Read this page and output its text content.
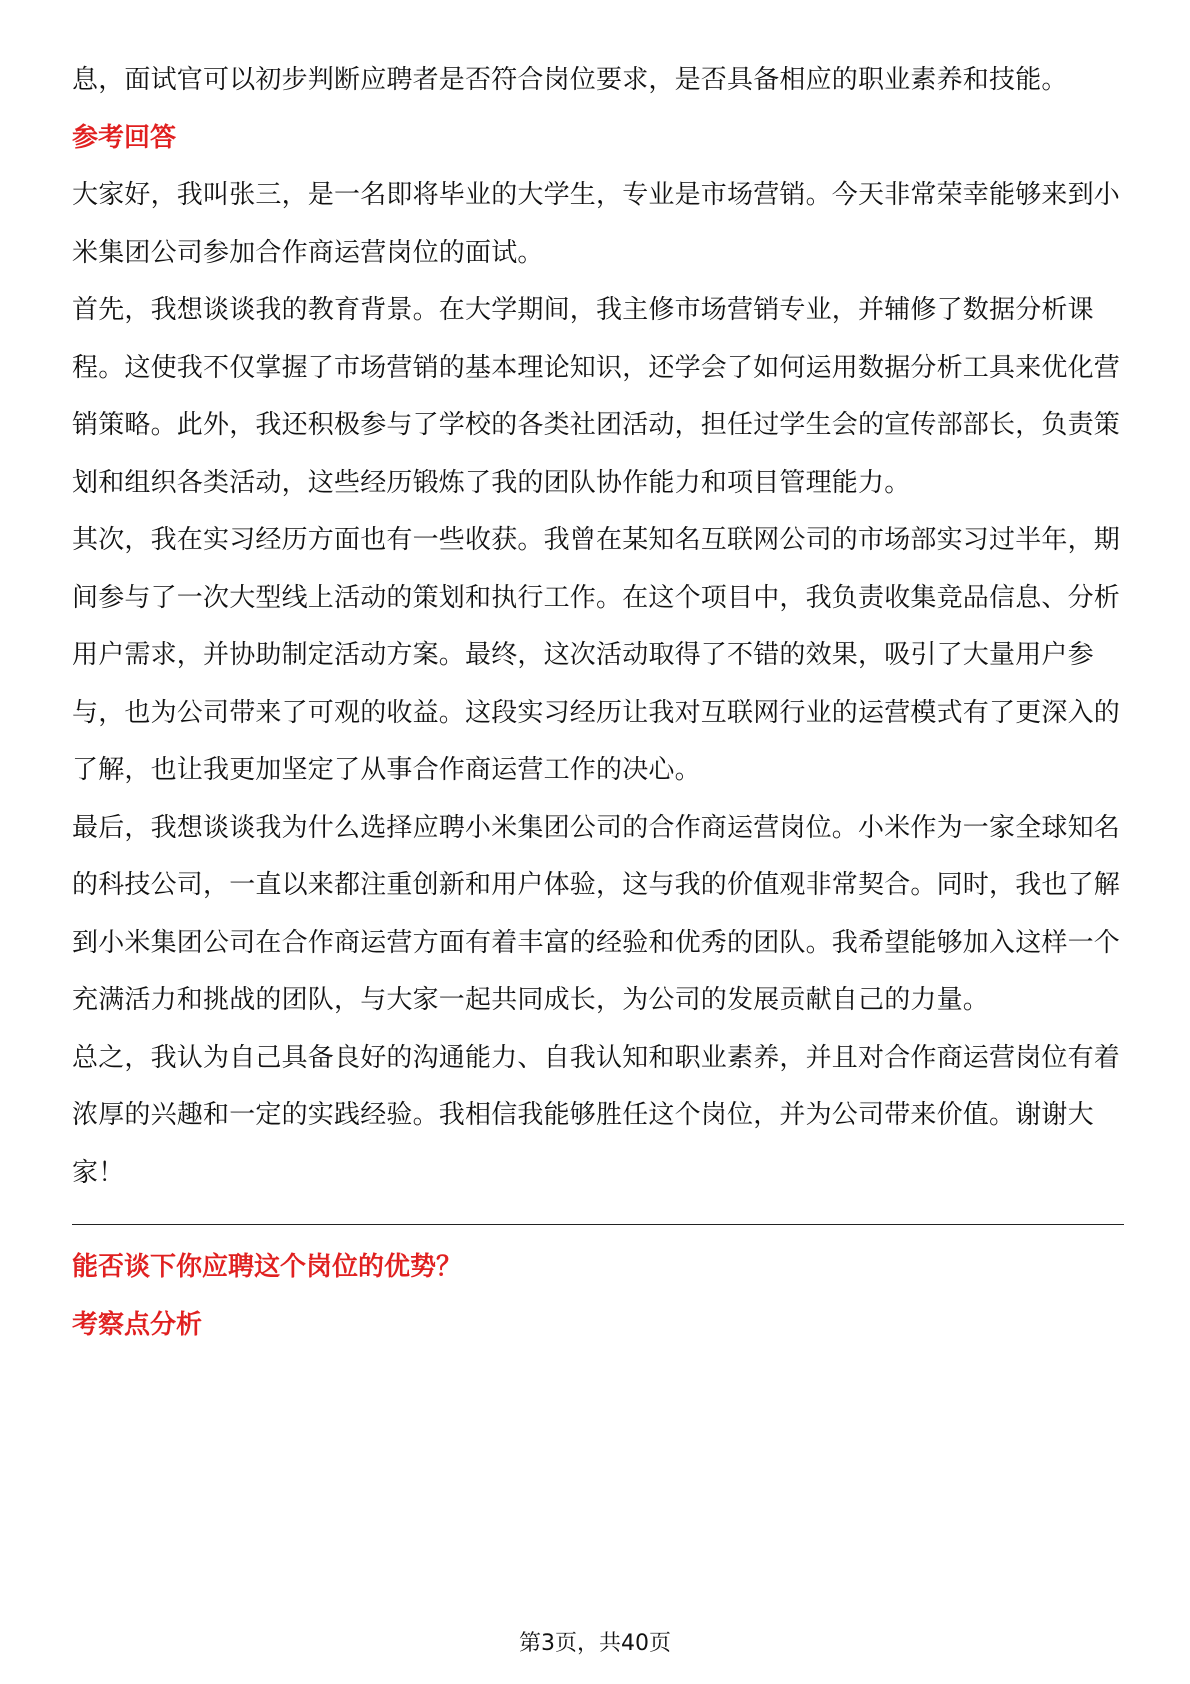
息，面试官可以初步判断应聘者是否符合岗位要求，是否具备相应的职业素养和技能。

参考回答

大家好，我叫张三，是一名即将毕业的大学生，专业是市场营销。今天非常荣幸能够来到小米集团公司参加合作商运营岗位的面试。

首先，我想谈谈我的教育背景。在大学期间，我主修市场营销专业，并辅修了数据分析课程。这使我不仅掌握了市场营销的基本理论知识，还学会了如何运用数据分析工具来优化营销策略。此外，我还积极参与了学校的各类社团活动，担任过学生会的宣传部部长，负责策划和组织各类活动，这些经历锻炼了我的团队协作能力和项目管理能力。

其次，我在实习经历方面也有一些收获。我曾在某知名互联网公司的市场部实习过半年，期间参与了一次大型线上活动的策划和执行工作。在这个项目中，我负责收集竞品信息、分析用户需求，并协助制定活动方案。最终，这次活动取得了不错的效果，吸引了大量用户参与，也为公司带来了可观的收益。这段实习经历让我对互联网行业的运营模式有了更深入的了解，也让我更加坚定了从事合作商运营工作的决心。

最后，我想谈谈我为什么选择应聘小米集团公司的合作商运营岗位。小米作为一家全球知名的科技公司，一直以来都注重创新和用户体验，这与我的价值观非常契合。同时，我也了解到小米集团公司在合作商运营方面有着丰富的经验和优秀的团队。我希望能够加入这样一个充满活力和挑战的团队，与大家一起共同成长，为公司的发展贡献自己的力量。

总之，我认为自己具备良好的沟通能力、自我认知和职业素养，并且对合作商运营岗位有着浓厚的兴趣和一定的实践经验。我相信我能够胜任这个岗位，并为公司带来价值。谢谢大家！

能否谈下你应聘这个岗位的优势？

考察点分析

第3页，共40页
